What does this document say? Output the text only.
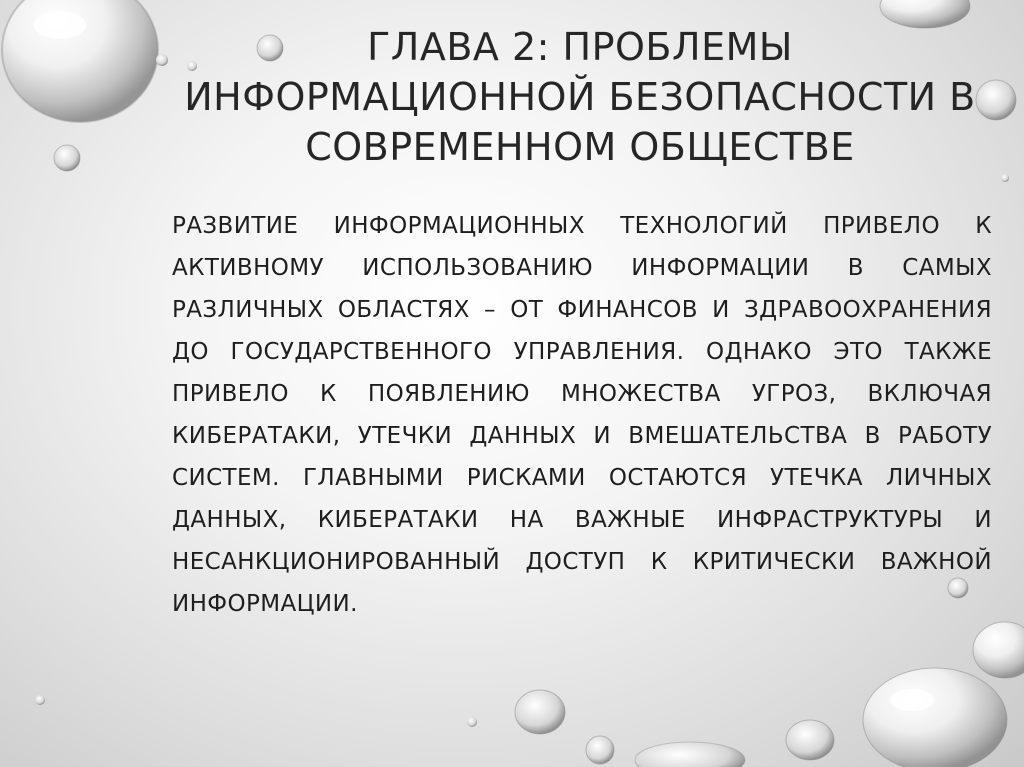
ГЛАВА 2: ПРОБЛЕМЫ ИНФОРМАЦИОННОЙ БЕЗОПАСНОСТИ В СОВРЕМЕННОМ ОБЩЕСТВЕ

РАЗВИТИЕ ИНФОРМАЦИОННЫХ ТЕХНОЛОГИЙ ПРИВЕЛО К АКТИВНОМУ ИСПОЛЬЗОВАНИЮ ИНФОРМАЦИИ В САМЫХ РАЗЛИЧНЫХ ОБЛАСТЯХ – ОТ ФИНАНСОВ И ЗДРАВООХРАНЕНИЯ ДО ГОСУДАРСТВЕННОГО УПРАВЛЕНИЯ. ОДНАКО ЭТО ТАКЖЕ ПРИВЕЛО К ПОЯВЛЕНИЮ МНОЖЕСТВА УГРОЗ, ВКЛЮЧАЯ КИБЕРАТАКИ, УТЕЧКИ ДАННЫХ И ВМЕШАТЕЛЬСТВА В РАБОТУ СИСТЕМ. ГЛАВНЫМИ РИСКАМИ ОСТАЮТСЯ УТЕЧКА ЛИЧНЫХ ДАННЫХ, КИБЕРАТАКИ НА ВАЖНЫЕ ИНФРАСТРУКТУРЫ И НЕСАНКЦИОНИРОВАННЫЙ ДОСТУП К КРИТИЧЕСКИ ВАЖНОЙ ИНФОРМАЦИИ.
